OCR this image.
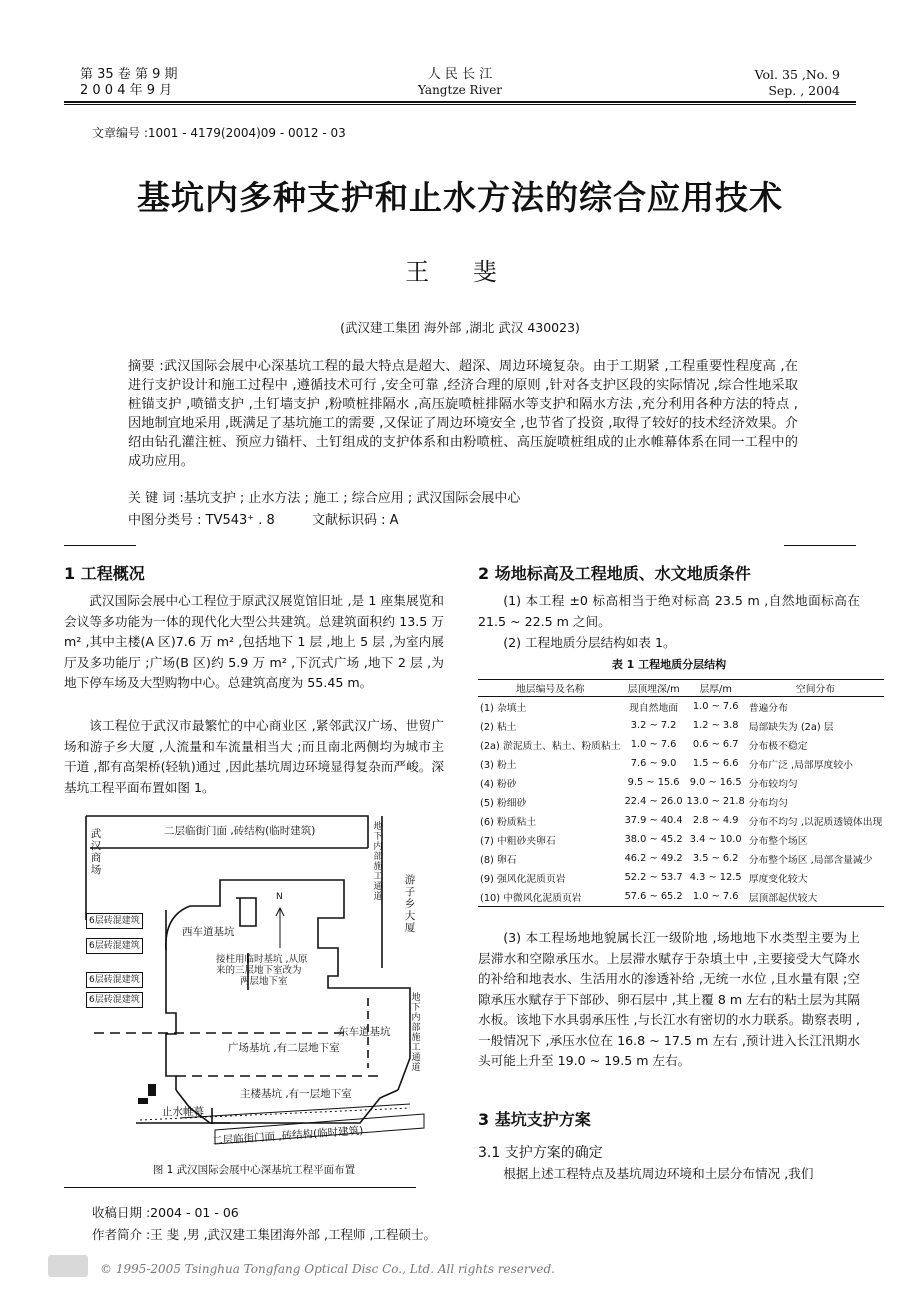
第 35 卷 第 9 期
2 0 0 4 年 9 月
人 民 长 江
Yangtze River
Vol. 35 ,No. 9
Sep. , 2004
文章编号 :1001 - 4179(2004)09 - 0012 - 03
基坑内多种支护和止水方法的综合应用技术
王 斐
(武汉建工集团 海外部 ,湖北 武汉 430023)
摘要 :武汉国际会展中心深基坑工程的最大特点是超大、超深、周边环境复杂。由于工期紧 ,工程重要性程度高 ,在进行支护设计和施工过程中 ,遵循技术可行 ,安全可靠 ,经济合理的原则 ,针对各支护区段的实际情况 ,综合性地采取桩锚支护 ,喷锚支护 ,土钉墙支护 ,粉喷桩排隔水 ,高压旋喷桩排隔水等支护和隔水方法 ,充分利用各种方法的特点 ,因地制宜地采用 ,既满足了基坑施工的需要 ,又保证了周边环境安全 ,也节省了投资 ,取得了较好的技术经济效果。介绍由钻孔灌注桩、预应力锚杆、土钉组成的支护体系和由粉喷桩、高压旋喷桩组成的止水帷幕体系在同一工程中的成功应用。
关 键 词 :基坑支护 ; 止水方法 ; 施工 ; 综合应用 ; 武汉国际会展中心
中图分类号 : TV543⁺ . 8	文献标识码 : A
1 工程概况
武汉国际会展中心工程位于原武汉展览馆旧址 ,是 1 座集展览和会议等多功能为一体的现代化大型公共建筑。总建筑面积约 13.5 万 m² ,其中主楼(A 区)7.6 万 m² ,包括地下 1 层 ,地上 5 层 ,为室内展厅及多功能厅 ;广场(B 区)约 5.9 万 m² ,下沉式广场 ,地下 2 层 ,为地下停车场及大型购物中心。总建筑高度为 55.45 m。
该工程位于武汉市最繁忙的中心商业区 ,紧邻武汉广场、世贸广场和游子乡大厦 ,人流量和车流量相当大 ;而且南北两侧均为城市主干道 ,都有高架桥(轻轨)通过 ,因此基坑周边环境显得复杂而严峻。深基坑工程平面布置如图 1。
二层临街门面 ,砖结构(临时建筑)
武汉商场
地下内部施工通道
游子乡大厦
地下内部施工通道
6层砖混建筑
6层砖混建筑
6层砖混建筑
6层砖混建筑
西车道基坑
N
接柱用临时基坑 ,从原
来的三层地下室改为
两层地下室
广场基坑 ,有二层地下室
东车道基坑
主楼基坑 ,有一层地下室
止水帷幕
二层临街门面 ,砖结构(临时建筑)
图 1 武汉国际会展中心深基坑工程平面布置
收稿日期 :2004 - 01 - 06
作者简介 :王 斐 ,男 ,武汉建工集团海外部 ,工程师 ,工程硕士。
2 场地标高及工程地质、水文地质条件
(1) 本工程 ±0 标高相当于绝对标高 23.5 m ,自然地面标高在 21.5 ~ 22.5 m 之间。
(2) 工程地质分层结构如表 1。
表 1 工程地质分层结构
地层编号及名称	层顶埋深/m	层厚/m	空间分布
(1) 杂填土	现自然地面	1.0 ~ 7.6	普遍分布
(2) 粘土	3.2 ~ 7.2	1.2 ~ 3.8	局部缺失为 (2a) 层
(2a) 淤泥质土、粘土、粉质粘土	1.0 ~ 7.6	0.6 ~ 6.7	分布极不稳定
(3) 粉土	7.6 ~ 9.0	1.5 ~ 6.6	分布广泛 ,局部厚度较小
(4) 粉砂	9.5 ~ 15.6	9.0 ~ 16.5	分布较均匀
(5) 粉细砂	22.4 ~ 26.0	13.0 ~ 21.8	分布均匀
(6) 粉质粘土	37.9 ~ 40.4	2.8 ~ 4.9	分布不均匀 ,以泥质透镜体出现
(7) 中粗砂夹卵石	38.0 ~ 45.2	3.4 ~ 10.0	分布整个场区
(8) 卵石	46.2 ~ 49.2	3.5 ~ 6.2	分布整个场区 ,局部含量减少
(9) 强风化泥质页岩	52.2 ~ 53.7	4.3 ~ 12.5	厚度变化较大
(10) 中微风化泥质页岩	57.6 ~ 65.2	1.0 ~ 7.6	层顶部起伏较大
(3) 本工程场地地貌属长江一级阶地 ,场地地下水类型主要为上层滞水和空隙承压水。上层滞水赋存于杂填土中 ,主要接受大气降水的补给和地表水、生活用水的渗透补给 ,无统一水位 ,且水量有限 ;空隙承压水赋存于下部砂、卵石层中 ,其上覆 8 m 左右的粘土层为其隔水板。该地下水具弱承压性 ,与长江水有密切的水力联系。勘察表明 ,一般情况下 ,承压水位在 16.8 ~ 17.5 m 左右 ,预计进入长江汛期水头可能上升至 19.0 ~ 19.5 m 左右。
3 基坑支护方案
3.1 支护方案的确定
根据上述工程特点及基坑周边环境和土层分布情况 ,我们
© 1995-2005 Tsinghua Tongfang Optical Disc Co., Ltd. All rights reserved.
